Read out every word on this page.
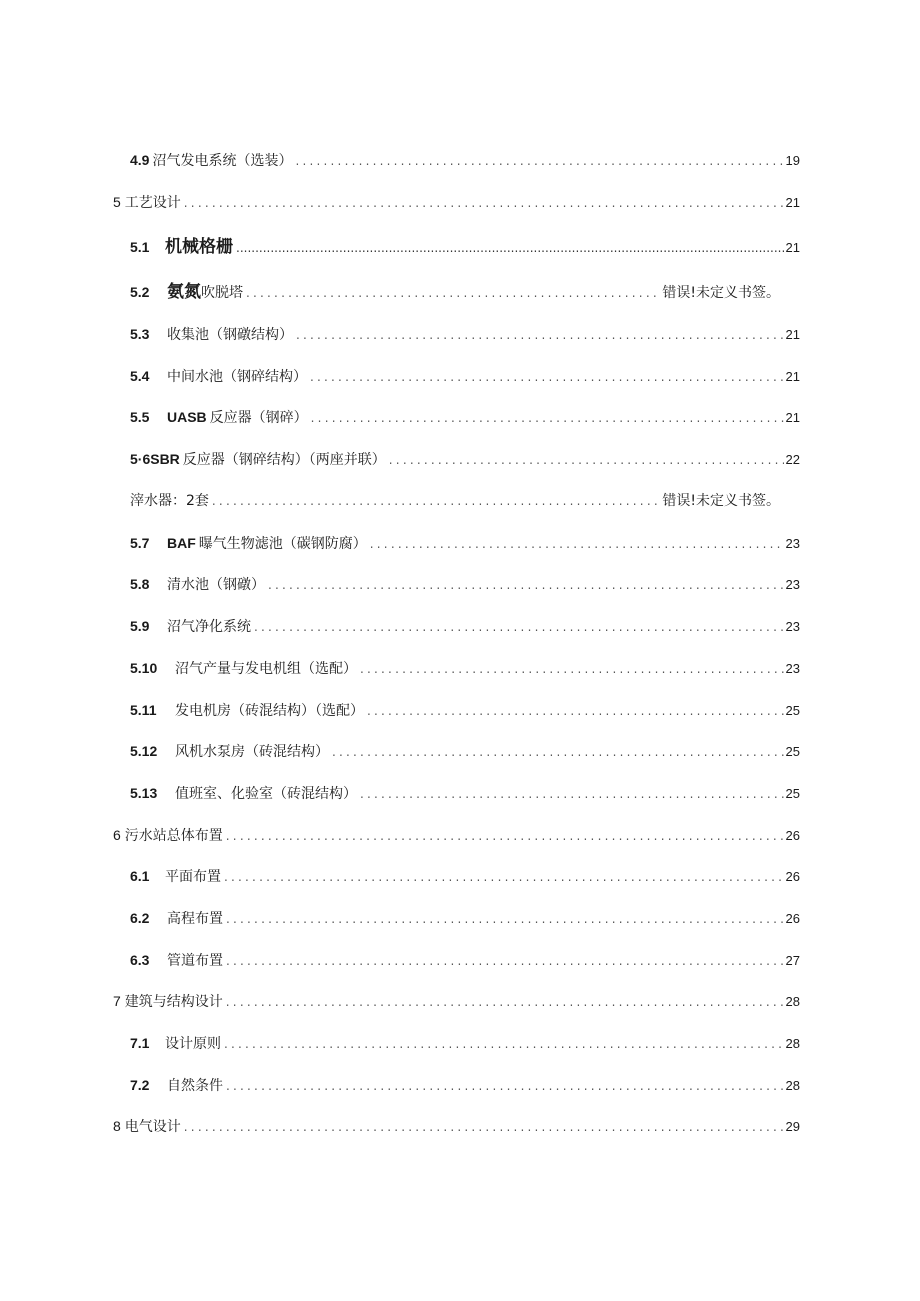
4.9 沼气发电系统（选装） .....	19
5 工艺设计 .....	21
5.1 机械格栅 .....	21
5.2	氨氮吹脱塔 .....	错误!未定义书签。
5.3	收集池（钢礅结构） .....	21
5.4	中间水池（钢碎结构） .....	21
5.5	UASB 反应器（钢碎） .....	21
5·6SBR 反应器（钢碎结构）（两座并联） .....	22
滓水器：2套 .....	错误!未定义书签。
5.7	BAF 曝气生物滤池（碳钢防腐） .....	23
5.8	清水池（钢礅） .....	23
5.9	沼气净化系统 .....	23
5.10	沼气产量与发电机组（选配） .....	23
5.11	发电机房（砖混结构）（选配） .....	25
5.12	风机水泵房（砖混结构） .....	25
5.13	值班室、化验室（砖混结构） .....	25
6 污水站总体布置 .....	26
6.1	平面布置 .....	26
6.2	高程布置 .....	26
6.3	管道布置 .....	27
7 建筑与结构设计 .....	28
7.1	设计原则 .....	28
7.2	自然条件 .....	28
8 电气设计 .....	29
